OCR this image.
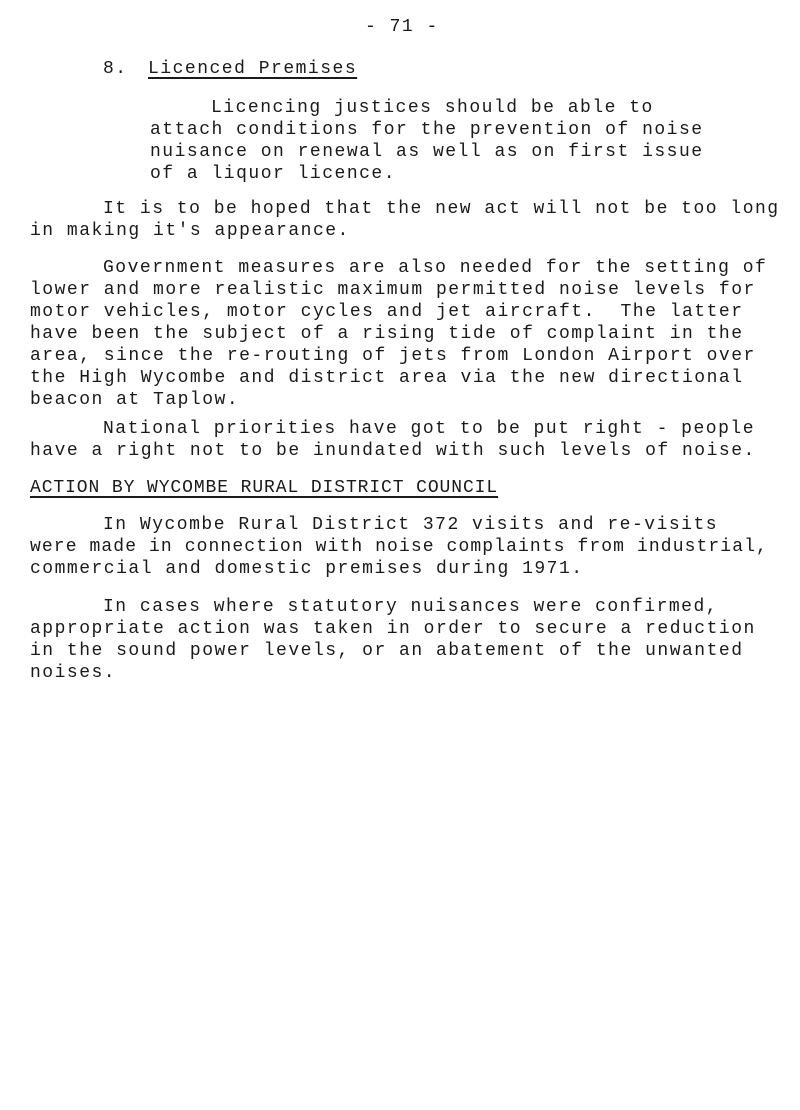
- 71 -
8. Licenced Premises
Licencing justices should be able to
attach conditions for the prevention of noise
nuisance on renewal as well as on first issue
of a liquor licence.
It is to be hoped that the new act will not be too long
in making it's appearance.
Government measures are also needed for the setting of
lower and more realistic maximum permitted noise levels for
motor vehicles, motor cycles and jet aircraft.  The latter
have been the subject of a rising tide of complaint in the
area, since the re-routing of jets from London Airport over
the High Wycombe and district area via the new directional
beacon at Taplow.
National priorities have got to be put right - people
have a right not to be inundated with such levels of noise.
ACTION BY WYCOMBE RURAL DISTRICT COUNCIL
In Wycombe Rural District 372 visits and re-visits
were made in connection with noise complaints from industrial,
commercial and domestic premises during 1971.
In cases where statutory nuisances were confirmed,
appropriate action was taken in order to secure a reduction
in the sound power levels, or an abatement of the unwanted
noises.
